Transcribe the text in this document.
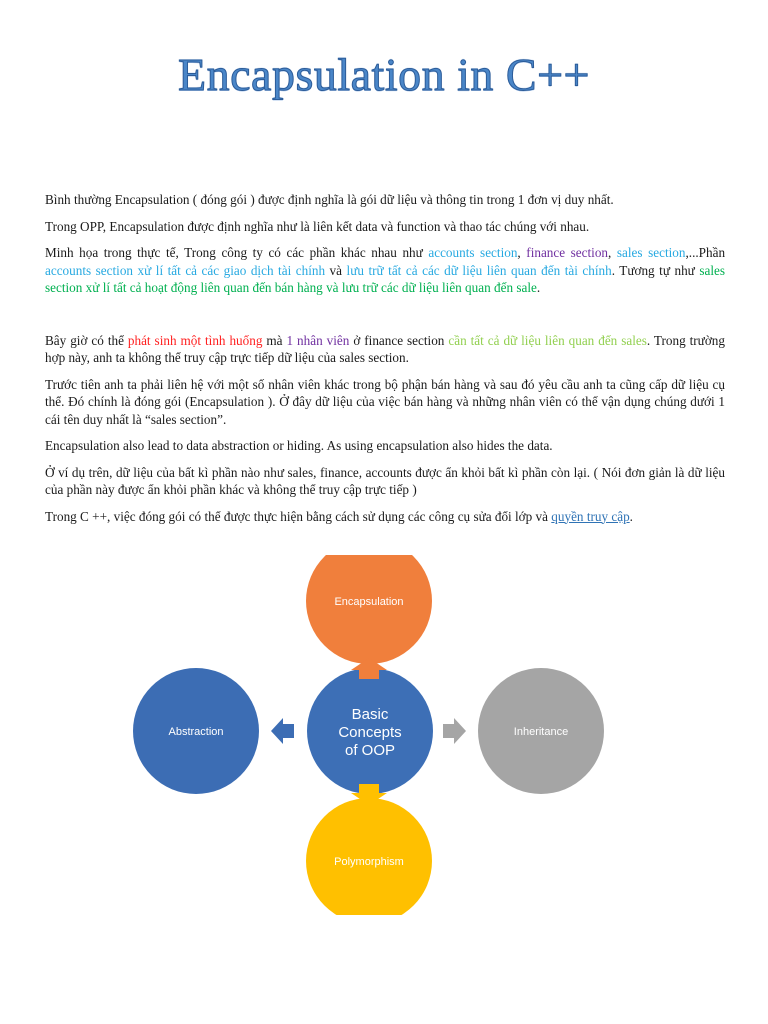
Encapsulation in C++

Bình thường Encapsulation ( đóng gói ) được định nghĩa là gói dữ liệu và thông tin trong 1 đơn vị duy nhất.

Trong OPP, Encapsulation được định nghĩa như là liên kết data và function và thao tác chúng với nhau.

Minh họa trong thực tế, Trong công ty có các phần khác nhau như accounts section, finance section, sales section,...Phần accounts section xử lí tất cả các giao dịch tài chính và lưu trữ tất cả các dữ liệu liên quan đến tài chính. Tương tự như sales section xử lí tất cả hoạt động liên quan đến bán hàng và lưu trữ các dữ liệu liên quan đến sale.

Bây giờ có thể phát sinh một tình huống mà 1 nhân viên ở finance section cần tất cả dữ liệu liên quan đến sales. Trong trường hợp này, anh ta không thể truy cập trực tiếp dữ liệu của sales section.

Trước tiên anh ta phải liên hệ với một số nhân viên khác trong bộ phận bán hàng và sau đó yêu cầu anh ta cũng cấp dữ liệu cụ thể. Đó chính là đóng gói (Encapsulation ). Ở đây dữ liệu của việc bán hàng và những nhân viên có thể vận dụng chúng dưới 1 cái tên duy nhất là “sales section”.

Encapsulation also lead to data abstraction or hiding. As using encapsulation also hides the data.

Ở ví dụ trên, dữ liệu của bất kì phần nào như sales, finance, accounts được ẩn khỏi bất kì phần còn lại. ( Nói đơn giản là dữ liệu của phần này được ẩn khỏi phần khác và không thể truy cập trực tiếp )

Trong C ++, việc đóng gói có thể được thực hiện bằng cách sử dụng các công cụ sửa đổi lớp và quyền truy cập.

Basic
Concepts
of OOP
Encapsulation
Abstraction	Inheritance
Polymorphism
